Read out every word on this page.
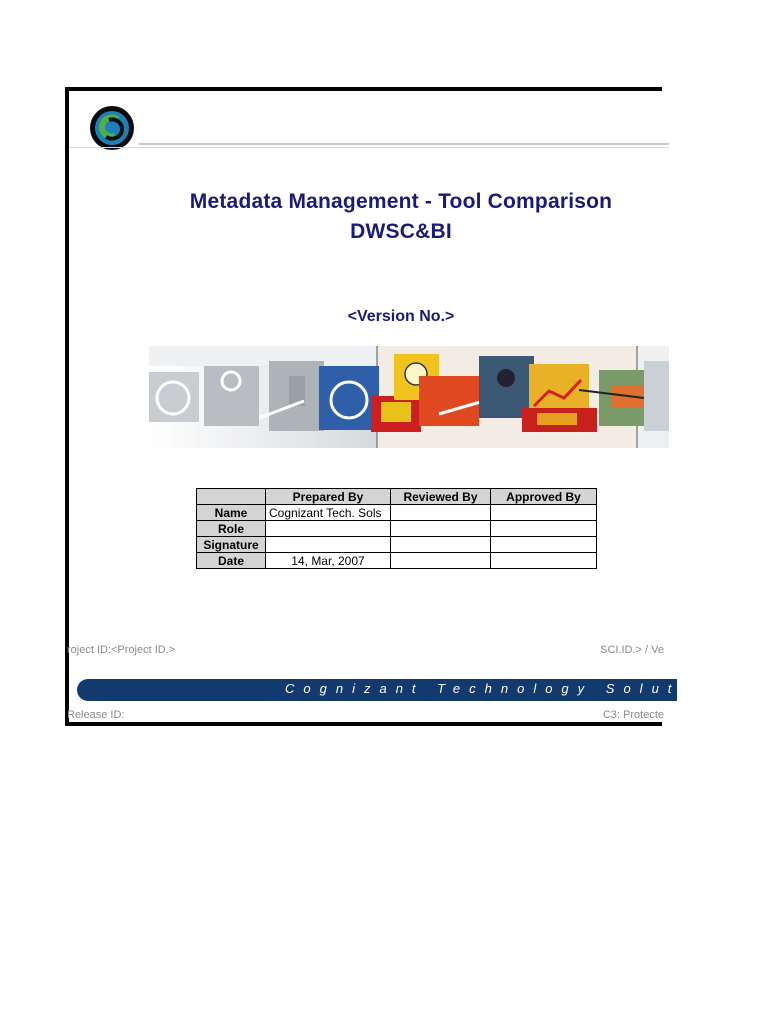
Metadata Management - Tool Comparison
DWSC&BI
<Version No.>
	Prepared By	Reviewed By	Approved By
Name	Cognizant Tech. Sols		
Role			
Signature			
Date	14, Mar, 2007		
roject ID:<Project ID.>	SCI.ID.> / Ve
Cognizant Technology Solutio
Release ID:	C3: Protecte
